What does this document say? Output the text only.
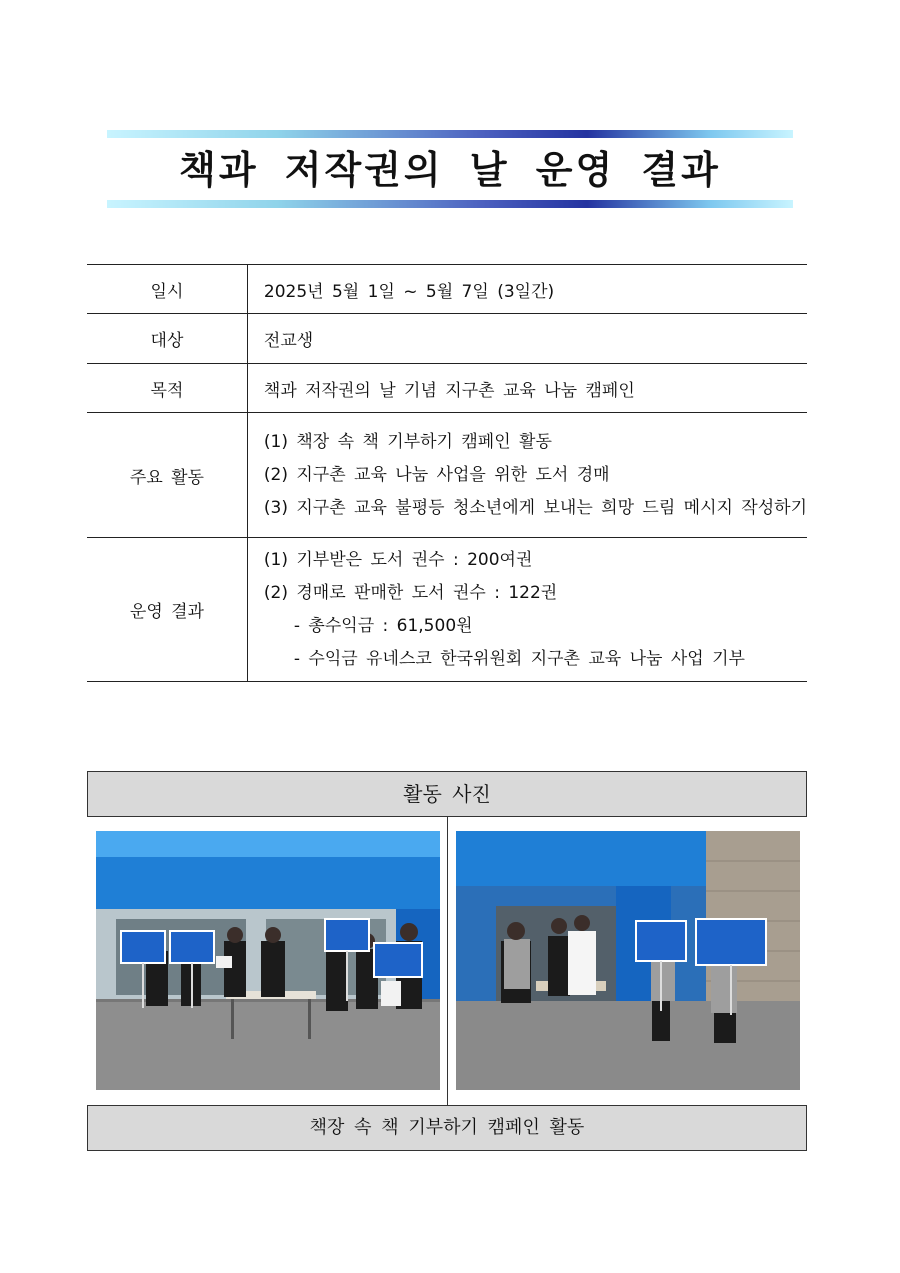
책과 저작권의 날 운영 결과
일시	2025년 5월 1일 ~ 5월 7일 (3일간)
대상	전교생
목적	책과 저작권의 날 기념 지구촌 교육 나눔 캠페인
주요 활동	(1) 책장 속 책 기부하기 캠페인 활동
(2) 지구촌 교육 나눔 사업을 위한 도서 경매
(3) 지구촌 교육 불평등 청소년에게 보내는 희망 드림 메시지 작성하기

운영 결과	(1) 기부받은 도서 권수 : 200여권
(2) 경매로 판매한 도서 권수 : 122권
- 총수익금 : 61,500원
- 수익금 유네스코 한국위원회 지구촌 교육 나눔 사업 기부
활동 사진
책장 속 책 기부하기 캠페인 활동
